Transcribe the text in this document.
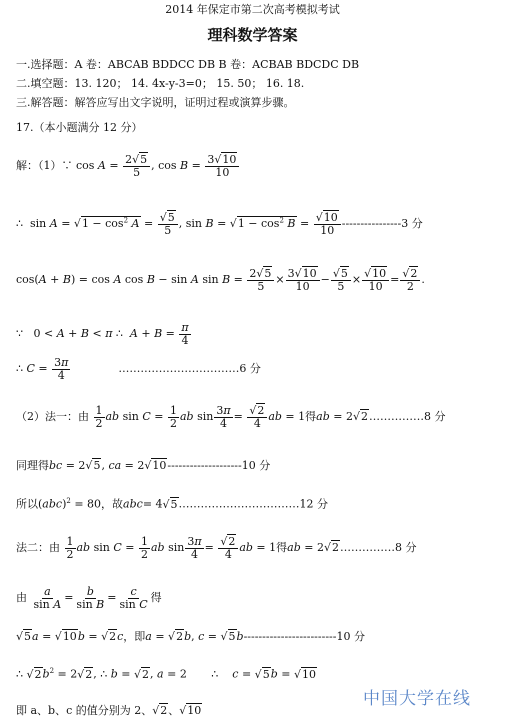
2014 年保定市第二次高考模拟考试
理科数学答案
一.选择题：A 卷：ABCAB BDDCC DB B 卷：ACBAB BDCDC DB
二.填空题：13. 120； 14. 4x-y-3=0； 15. 50； 16. 18.
三.解答题：解答应写出文字说明，证明过程或演算步骤。
17.（本小题满分 12 分）
解：（1）∵ $\cos A = \frac{2√ 5}{5}$ , $\cos B = \frac{3√ 10}{10}$
∴  sin A = √ $1 - \cos^2 A$ =
√ $\frac{5}{5}$ , sin B = √ $1 - \cos^2 B$ =
√ $\frac{10}{10} ----------------3$ 分
cos(A + B) = cos A cos B − sin A $\sin B = \frac{2√ 5}{5} \times \frac{3√ 10}{10}$ −
√ $\frac{5}{5}$ ×
√ $\frac{10}{10}$ =
√ $\frac{2}{2}$ .
∵   0 < A + B < π ∴  $A + B = \frac{\pi}{4}$
∴ $C = \frac{3\pi}{4}$	……………………………6 分
（2）法一：由 $\frac{1}{2}$ ab $\sin C = \frac{1}{2}$ ab $\sin \frac{3\pi}{4}$ =
√ $\frac{2}{4}$ ab = 1得ab = 2√ 2……………8 分
同理得bc = 2√ 5, ca = 2√ 10--------------------10 分
所以(abc)$^2$ = 80，故abc= 4√ 5……………………………12 分
法二：由 $\frac{1}{2}$ ab $\sin C = \frac{1}{2}$ ab $\sin \frac{3\pi}{4}$ =
√ $\frac{2}{4}$ ab = 1得ab = 2√ 2……………8 分
由 $\frac{a}{\text{sin A}} = \frac{b}{\text{sin B}} = \frac{c}{\text{sin C}}$ 得
√ 5a = √ 10b = √ 2c，即a = √ 2b, c = √ 5b-------------------------10 分
∴ √ $2b^2 = 2√$ 2, ∴ b = √ 2, a = 2       ∴    c = √ 5b = √ 10
即 a、b、c 的值分别为 2、√ 2、√ 10
中国大学在线
